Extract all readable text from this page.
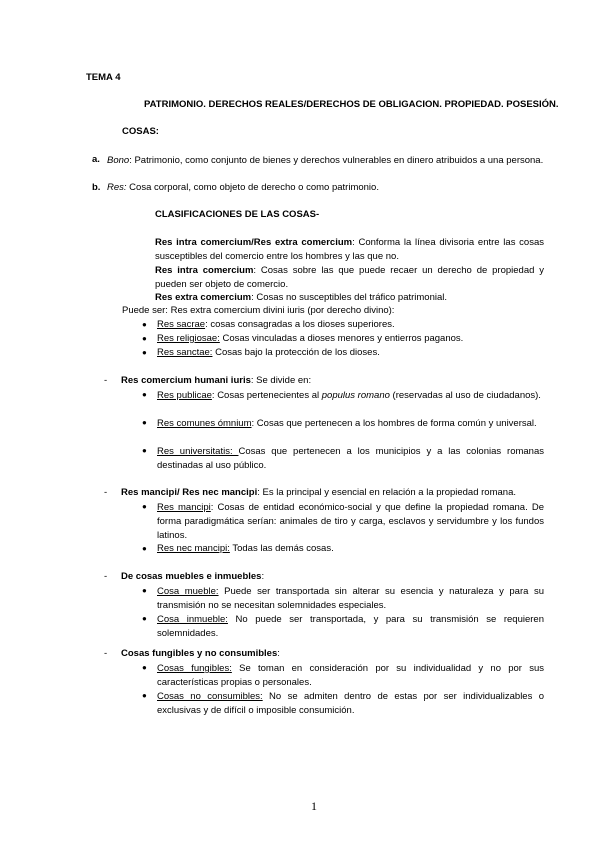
TEMA 4
PATRIMONIO. DERECHOS REALES/DERECHOS DE OBLIGACION. PROPIEDAD. POSESIÓN.
COSAS:
a. Bono: Patrimonio, como conjunto de bienes y derechos vulnerables en dinero atribuidos a una persona.
b. Res: Cosa corporal, como objeto de derecho o como patrimonio.
CLASIFICACIONES DE LAS COSAS-
Res intra comercium/Res extra comercium: Conforma la línea divisoria entre las cosas susceptibles del comercio entre los hombres y las que no.
Res intra comercium: Cosas sobre las que puede recaer un derecho de propiedad y pueden ser objeto de comercio.
Res extra comercium: Cosas no susceptibles del tráfico patrimonial.
Puede ser: Res extra comercium divini iuris (por derecho divino):
● Res sacrae: cosas consagradas a los dioses superiores.
● Res religiosae: Cosas vinculadas a dioses menores y entierros paganos.
● Res sanctae: Cosas bajo la protección de los dioses.
- Res comercium humani iuris: Se divide en:
● Res publicae: Cosas pertenecientes al populus romano (reservadas al uso de ciudadanos).
● Res comunes ómnium: Cosas que pertenecen a los hombres de forma común y universal.
● Res universitatis: Cosas que pertenecen a los municipios y a las colonias romanas destinadas al uso público.
- Res mancipi/ Res nec mancipi: Es la principal y esencial en relación a la propiedad romana.
● Res mancipi: Cosas de entidad económico-social y que define la propiedad romana. De forma paradigmática serían: animales de tiro y carga, esclavos y servidumbre y los fundos latinos.
● Res nec mancipi: Todas las demás cosas.
- De cosas muebles e inmuebles:
● Cosa mueble: Puede ser transportada sin alterar su esencia y naturaleza y para su transmisión no se necesitan solemnidades especiales.
● Cosa inmueble: No puede ser transportada, y para su transmisión se requieren solemnidades.
- Cosas fungibles y no consumibles:
● Cosas fungibles: Se toman en consideración por su individualidad y no por sus características propias o personales.
● Cosas no consumibles: No se admiten dentro de estas por ser individualizables o exclusivas y de difícil o imposible consumición.
1
